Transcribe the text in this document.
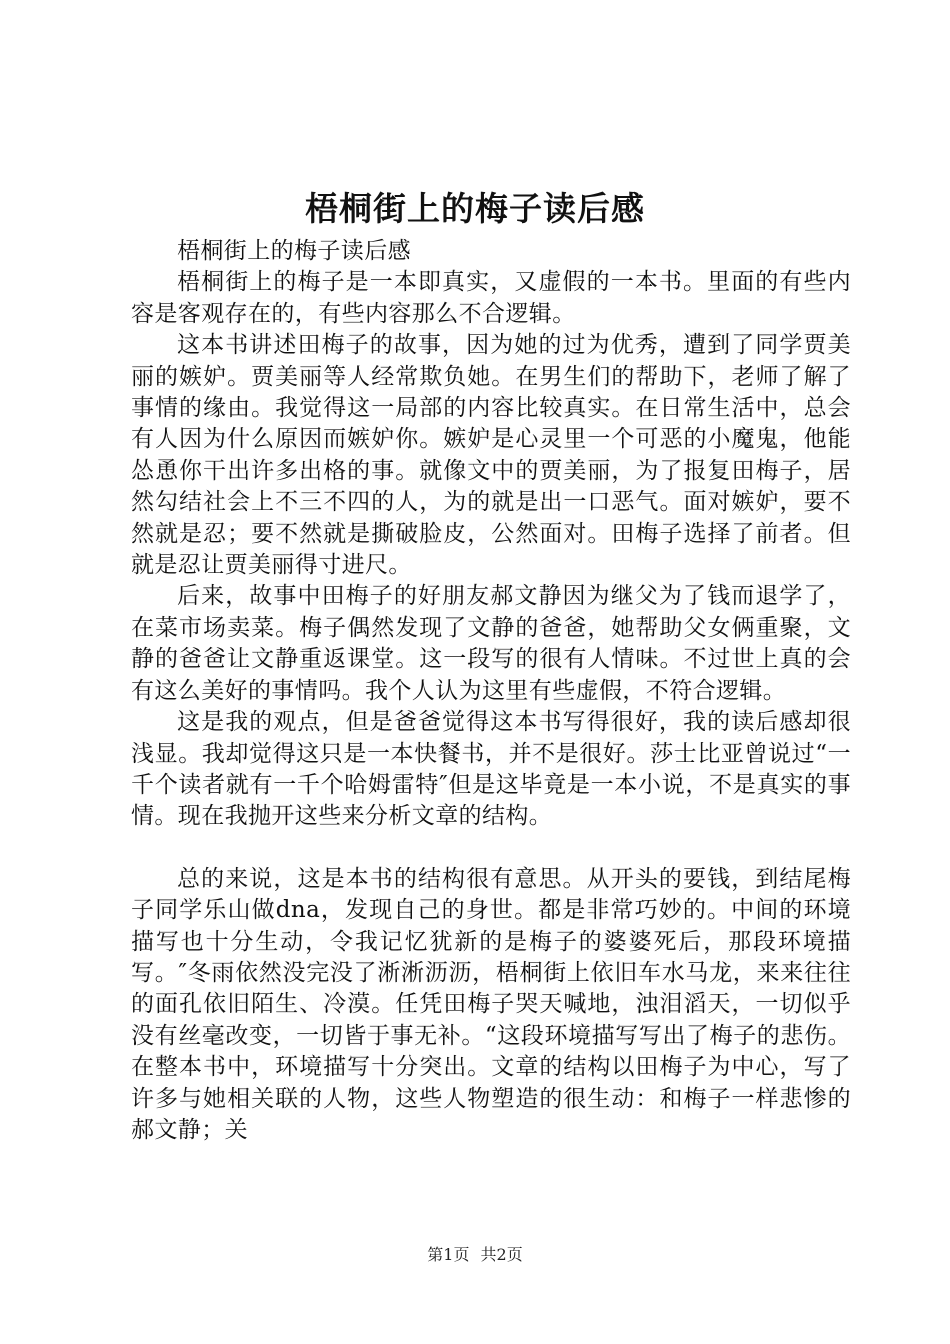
梧桐街上的梅子读后感

梧桐街上的梅子读后感

梧桐街上的梅子是一本即真实，又虚假的一本书。里面的有些内容是客观存在的，有些内容那么不合逻辑。

这本书讲述田梅子的故事，因为她的过为优秀，遭到了同学贾美丽的嫉妒。贾美丽等人经常欺负她。在男生们的帮助下，老师了解了事情的缘由。我觉得这一局部的内容比较真实。在日常生活中，总会有人因为什么原因而嫉妒你。嫉妒是心灵里一个可恶的小魔鬼，他能怂恿你干出许多出格的事。就像文中的贾美丽，为了报复田梅子，居然勾结社会上不三不四的人，为的就是出一口恶气。面对嫉妒，要不然就是忍；要不然就是撕破脸皮，公然面对。田梅子选择了前者。但就是忍让贾美丽得寸进尺。

后来，故事中田梅子的好朋友郝文静因为继父为了钱而退学了，在菜市场卖菜。梅子偶然发现了文静的爸爸，她帮助父女俩重聚，文静的爸爸让文静重返课堂。这一段写的很有人情味。不过世上真的会有这么美好的事情吗。我个人认为这里有些虚假，不符合逻辑。

这是我的观点，但是爸爸觉得这本书写得很好，我的读后感却很浅显。我却觉得这只是一本快餐书，并不是很好。莎士比亚曾说过“一千个读者就有一千个哈姆雷特″但是这毕竟是一本小说，不是真实的事情。现在我抛开这些来分析文章的结构。

总的来说，这是本书的结构很有意思。从开头的要钱，到结尾梅子同学乐山做dna，发现自己的身世。都是非常巧妙的。中间的环境描写也十分生动，令我记忆犹新的是梅子的婆婆死后，那段环境描写。″冬雨依然没完没了淅淅沥沥，梧桐街上依旧车水马龙，来来往往的面孔依旧陌生、冷漠。任凭田梅子哭天喊地，浊泪滔天，一切似乎没有丝毫改变，一切皆于事无补。“这段环境描写写出了梅子的悲伤。在整本书中，环境描写十分突出。文章的结构以田梅子为中心，写了许多与她相关联的人物，这些人物塑造的很生动：和梅子一样悲惨的郝文静；关

第1页 共2页
